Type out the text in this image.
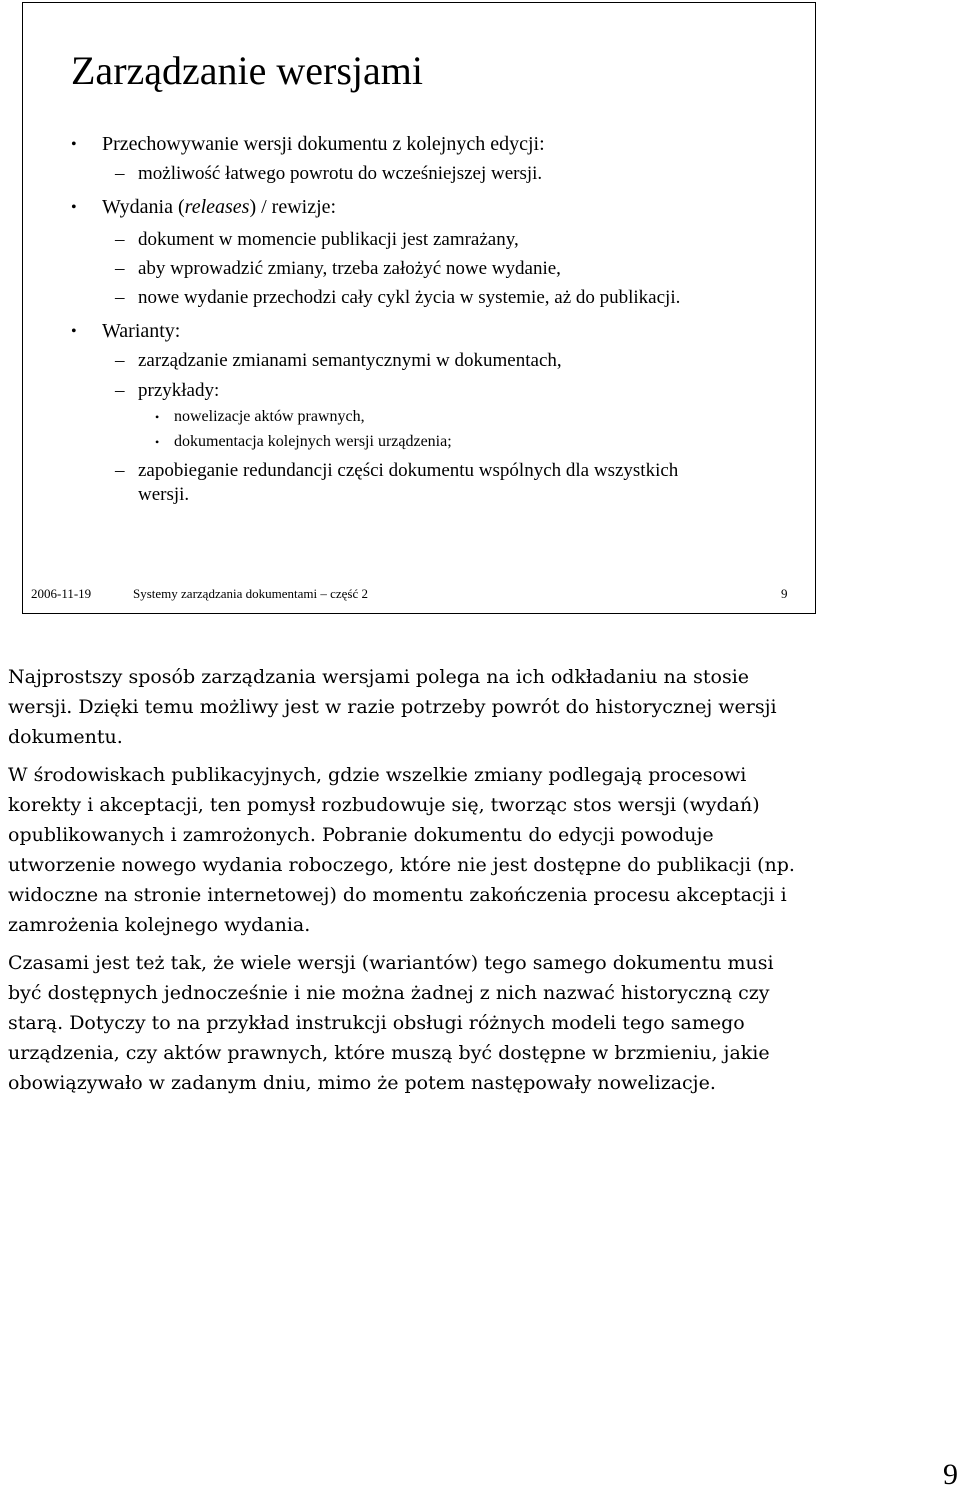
Zarządzanie wersjami
• Przechowywanie wersji dokumentu z kolejnych edycji:
– możliwość łatwego powrotu do wcześniejszej wersji.
• Wydania (releases) / rewizje:
– dokument w momencie publikacji jest zamrażany,
– aby wprowadzić zmiany, trzeba założyć nowe wydanie,
– nowe wydanie przechodzi cały cykl życia w systemie, aż do publikacji.
• Warianty:
– zarządzanie zmianami semantycznymi w dokumentach,
– przykłady:
• nowelizacje aktów prawnych,
• dokumentacja kolejnych wersji urządzenia;
– zapobieganie redundancji części dokumentu wspólnych dla wszystkich
wersji.
2006-11-19	Systemy zarządzania dokumentami – część 2	9

Najprostszy sposób zarządzania wersjami polega na ich odkładaniu na stosie wersji. Dzięki temu możliwy jest w razie potrzeby powrót do historycznej wersji dokumentu.

W środowiskach publikacyjnych, gdzie wszelkie zmiany podlegają procesowi korekty i akceptacji, ten pomysł rozbudowuje się, tworząc stos wersji (wydań) opublikowanych i zamrożonych. Pobranie dokumentu do edycji powoduje utworzenie nowego wydania roboczego, które nie jest dostępne do publikacji (np. widoczne na stronie internetowej) do momentu zakończenia procesu akceptacji i zamrożenia kolejnego wydania.

Czasami jest też tak, że wiele wersji (wariantów) tego samego dokumentu musi być dostępnych jednocześnie i nie można żadnej z nich nazwać historyczną czy starą. Dotyczy to na przykład instrukcji obsługi różnych modeli tego samego urządzenia, czy aktów prawnych, które muszą być dostępne w brzmieniu, jakie obowiązywało w zadanym dniu, mimo że potem następowały nowelizacje.

9
